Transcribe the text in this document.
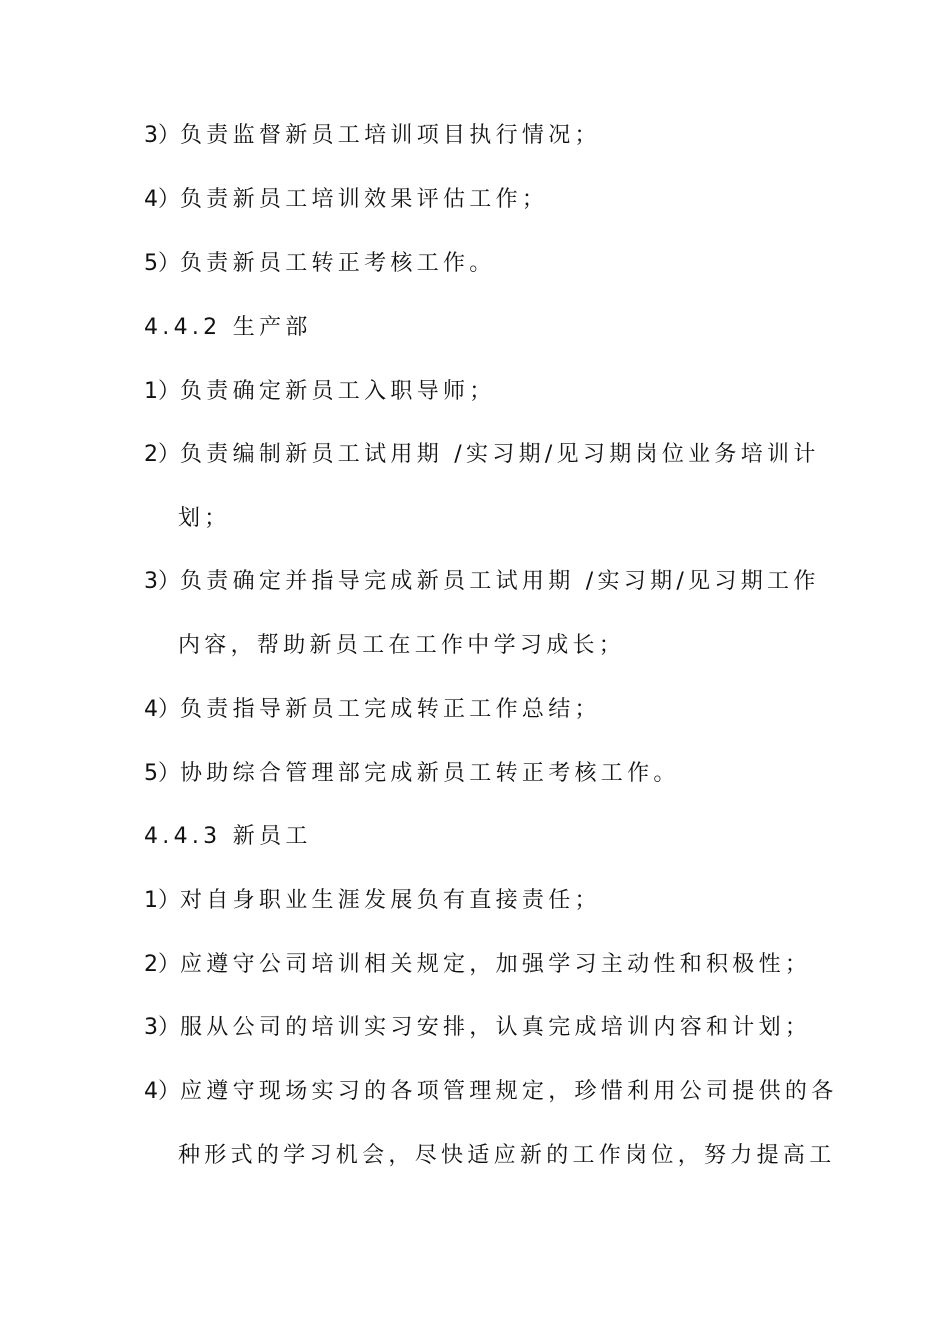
3）负责监督新员工培训项目执行情况；
4）负责新员工培训效果评估工作；
5）负责新员工转正考核工作。
4.4.2 生产部
1）负责确定新员工入职导师；
2）负责编制新员工试用期 /实习期/见习期岗位业务培训计
划；
3）负责确定并指导完成新员工试用期 /实习期/见习期工作
内容，帮助新员工在工作中学习成长；
4）负责指导新员工完成转正工作总结；
5）协助综合管理部完成新员工转正考核工作。
4.4.3 新员工
1）对自身职业生涯发展负有直接责任；
2）应遵守公司培训相关规定，加强学习主动性和积极性；
3）服从公司的培训实习安排，认真完成培训内容和计划；
4）应遵守现场实习的各项管理规定，珍惜利用公司提供的各
种形式的学习机会，尽快适应新的工作岗位，努力提高工
